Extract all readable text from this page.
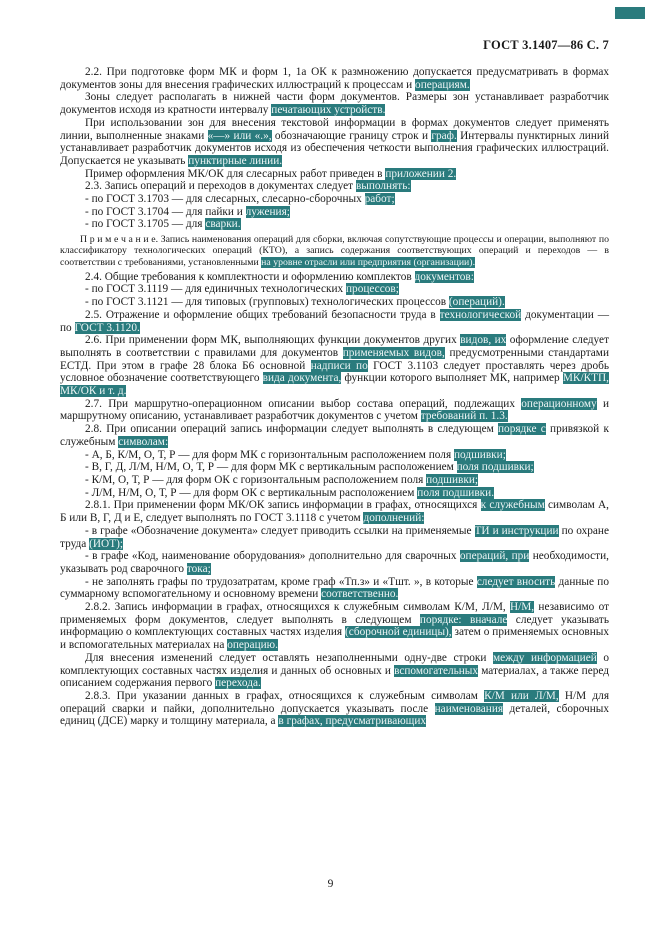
ГОСТ 3.1407—86 С. 7

2.2. При подготовке форм МК и форм 1, 1а ОК к размножению допускается предусматривать в формах документов зоны для внесения графических иллюстраций к процессам и операциям.

Зоны следует располагать в нижней части форм документов. Размеры зон устанавливает разработчик документов исходя из кратности интервалу печатающих устройств.

При использовании зон для внесения текстовой информации в формах документов следует применять линии, выполненные знаками «—» или «.», обозначающие границу строк и граф. Интервалы пунктирных линий устанавливает разработчик документов исходя из обеспечения четкости выполнения графических иллюстраций. Допускается не указывать пунктирные линии.

Пример оформления МК/ОК для слесарных работ приведен в приложении 2.

2.3. Запись операций и переходов в документах следует выполнять:

- по ГОСТ 3.1703 — для слесарных, слесарно-сборочных работ;

- по ГОСТ 3.1704 — для пайки и лужения;

- по ГОСТ 3.1705 — для сварки.

П р и м е ч а н и е. Запись наименования операций для сборки, включая сопутствующие процессы и операции, выполняют по классификатору технологических операций (КТО), а запись содержания соответствующих операций и переходов — в соответствии с требованиями, установленными на уровне отрасли или предприятия (организации).

2.4. Общие требования к комплектности и оформлению комплектов документов:

- по ГОСТ 3.1119 — для единичных технологических процессов;

- по ГОСТ 3.1121 — для типовых (групповых) технологических процессов (операций).

2.5. Отражение и оформление общих требований безопасности труда в технологической документации — по ГОСТ 3.1120.

2.6. При применении форм МК, выполняющих функции документов других видов, их оформление следует выполнять в соответствии с правилами для документов применяемых видов, предусмотренными стандартами ЕСТД. При этом в графе 28 блока Б6 основной надписи по ГОСТ 3.1103 следует проставлять через дробь условное обозначение соответствующего вида документа, функции которого выполняет МК, например МК/КТП, МК/ОК и т. д.

2.7. При маршрутно-операционном описании выбор состава операций, подлежащих операционному и маршрутному описанию, устанавливает разработчик документов с учетом требований п. 1.3.

2.8. При описании операций запись информации следует выполнять в следующем порядке с привязкой к служебным символам:

- А, Б, К/М, О, Т, Р — для форм МК с горизонтальным расположением поля подшивки;

- В, Г, Д, Л/М, Н/М, О, Т, Р — для форм МК с вертикальным расположением поля подшивки;

- К/М, О, Т, Р — для форм ОК с горизонтальным расположением поля подшивки;

- Л/М, Н/М, О, Т, Р — для форм ОК с вертикальным расположением поля подшивки.

2.8.1. При применении форм МК/ОК запись информации в графах, относящихся к служебным символам А, Б или В, Г, Д и Е, следует выполнять по ГОСТ 3.1118 с учетом дополнений:

- в графе «Обозначение документа» следует приводить ссылки на применяемые ТИ и инструкции по охране труда (ИОТ);

- в графе «Код, наименование оборудования» дополнительно для сварочных операций, при необходимости, указывать род сварочного тока;

- не заполнять графы по трудозатратам, кроме граф «Тп.з» и «Тшт. », в которые следует вносить данные по суммарному вспомогательному и основному времени соответственно.

2.8.2. Запись информации в графах, относящихся к служебным символам К/М, Л/М, Н/М, независимо от применяемых форм документов, следует выполнять в следующем порядке: вначале следует указывать информацию о комплектующих составных частях изделия (сборочной единицы), затем о применяемых основных и вспомогательных материалах на операцию.

Для внесения изменений следует оставлять незаполненными одну-две строки между информацией о комплектующих составных частях изделия и данных об основных и вспомогательных материалах, а также перед описанием содержания первого перехода.

2.8.3. При указании данных в графах, относящихся к служебным символам К/М или Л/М, Н/М для операций сварки и пайки, дополнительно допускается указывать после наименования деталей, сборочных единиц (ДСЕ) марку и толщину материала, а в графах, предусматривающих

9
